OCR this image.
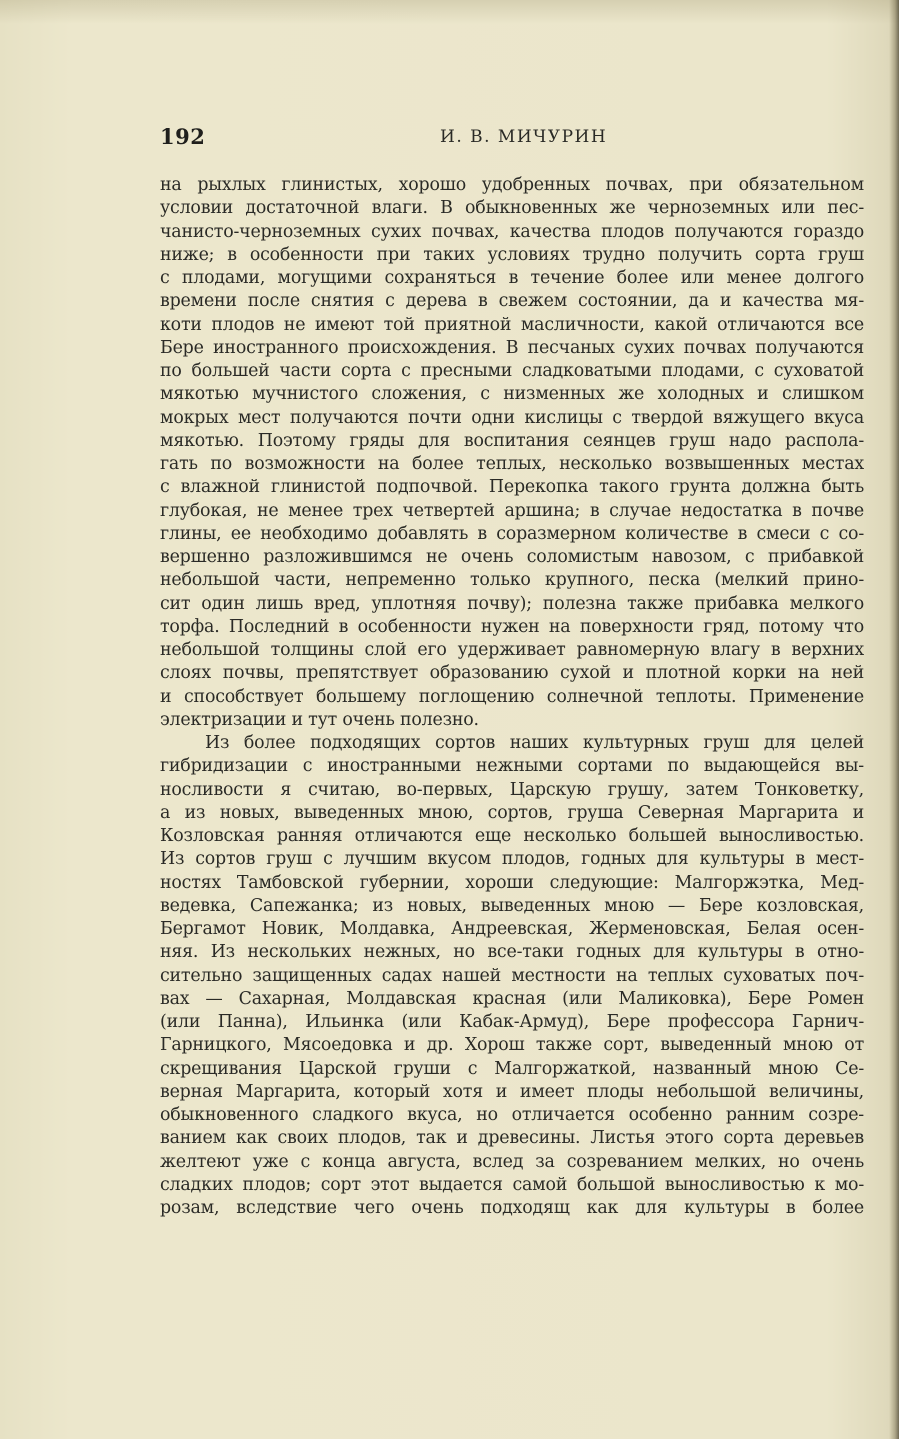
192	И. В. МИЧУРИН
на рыхлых глинистых, хорошо удобренных почвах, при обязательном
условии достаточной влаги. В обыкновенных же черноземных или пес-
чанисто-черноземных сухих почвах, качества плодов получаются гораздо
ниже; в особенности при таких условиях трудно получить сорта груш
с плодами, могущими сохраняться в течение более или менее долгого
времени после снятия с дерева в свежем состоянии, да и качества мя-
коти плодов не имеют той приятной масличности, какой отличаются все
Бере иностранного происхождения. В песчаных сухих почвах получаются
по большей части сорта с пресными сладковатыми плодами, с суховатой
мякотью мучнистого сложения, с низменных же холодных и слишком
мокрых мест получаются почти одни кислицы с твердой вяжущего вкуса
мякотью. Поэтому гряды для воспитания сеянцев груш надо распола-
гать по возможности на более теплых, несколько возвышенных местах
с влажной глинистой подпочвой. Перекопка такого грунта должна быть
глубокая, не менее трех четвертей аршина; в случае недостатка в почве
глины, ее необходимо добавлять в соразмерном количестве в смеси с со-
вершенно разложившимся не очень соломистым навозом, с прибавкой
небольшой части, непременно только крупного, песка (мелкий прино-
сит один лишь вред, уплотняя почву); полезна также прибавка мелкого
торфа. Последний в особенности нужен на поверхности гряд, потому что
небольшой толщины слой его удерживает равномерную влагу в верхних
слоях почвы, препятствует образованию сухой и плотной корки на ней
и способствует большему поглощению солнечной теплоты. Применение
электризации и тут очень полезно.
Из более подходящих сортов наших культурных груш для целей
гибридизации с иностранными нежными сортами по выдающейся вы-
носливости я считаю, во-первых, Царскую грушу, затем Тонковетку,
а из новых, выведенных мною, сортов, груша Северная Маргарита и
Козловская ранняя отличаются еще несколько большей выносливостью.
Из сортов груш с лучшим вкусом плодов, годных для культуры в мест-
ностях Тамбовской губернии, хороши следующие: Малгоржэтка, Мед-
ведевка, Сапежанка; из новых, выведенных мною — Бере козловская,
Бергамот Новик, Молдавка, Андреевская, Жерменовская, Белая осен-
няя. Из нескольких нежных, но все-таки годных для культуры в отно-
сительно защищенных садах нашей местности на теплых суховатых поч-
вах — Сахарная, Молдавская красная (или Маликовка), Бере Ромен
(или Панна), Ильинка (или Кабак-Армуд), Бере профессора Гарнич-
Гарницкого, Мясоедовка и др. Хорош также сорт, выведенный мною от
скрещивания Царской груши с Малгоржаткой, названный мною Се-
верная Маргарита, который хотя и имеет плоды небольшой величины,
обыкновенного сладкого вкуса, но отличается особенно ранним созре-
ванием как своих плодов, так и древесины. Листья этого сорта деревьев
желтеют уже с конца августа, вслед за созреванием мелких, но очень
сладких плодов; сорт этот выдается самой большой выносливостью к мо-
розам, вследствие чего очень подходящ как для культуры в более
